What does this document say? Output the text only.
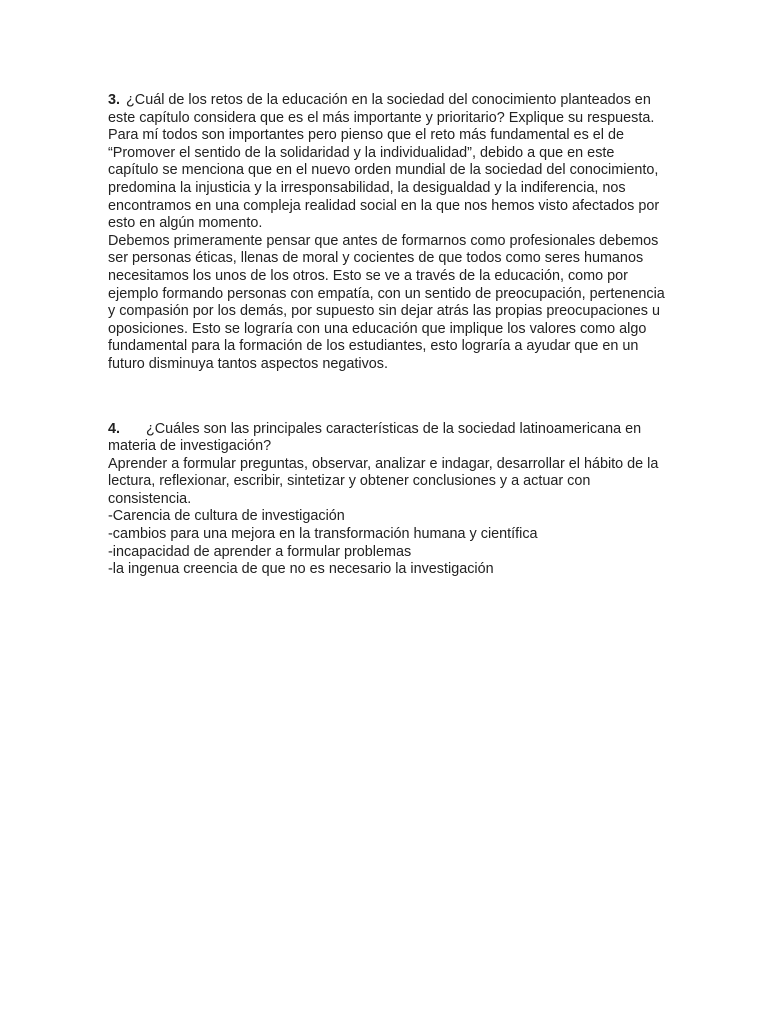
3. ¿Cuál de los retos de la educación en la sociedad del conocimiento planteados en este capítulo considera que es el más importante y prioritario? Explique su respuesta.

Para mí todos son importantes pero pienso que el reto más fundamental es el de “Promover el sentido de la solidaridad y la individualidad”, debido a que en este capítulo se menciona que en el nuevo orden mundial de la sociedad del conocimiento, predomina la injusticia y la irresponsabilidad, la desigualdad y la indiferencia, nos encontramos en una compleja realidad social en la que nos hemos visto afectados por esto en algún momento.

Debemos primeramente pensar que antes de formarnos como profesionales debemos ser personas éticas, llenas de moral y cocientes de que todos como seres humanos necesitamos los unos de los otros. Esto se ve a través de la educación, como por ejemplo formando personas con empatía, con un sentido de preocupación, pertenencia y compasión por los demás, por supuesto sin dejar atrás las propias preocupaciones u oposiciones. Esto se lograría con una educación que implique los valores como algo fundamental para la formación de los estudiantes, esto lograría a ayudar que en un futuro disminuya tantos aspectos negativos.

4. ¿Cuáles son las principales características de la sociedad latinoamericana en materia de investigación?

Aprender a formular preguntas, observar, analizar e indagar, desarrollar el hábito de la lectura, reflexionar, escribir, sintetizar y obtener conclusiones y a actuar con consistencia.

-Carencia de cultura de investigación

-cambios para una mejora en la transformación humana y científica

-incapacidad de aprender a formular problemas

-la ingenua creencia de que no es necesario la investigación
